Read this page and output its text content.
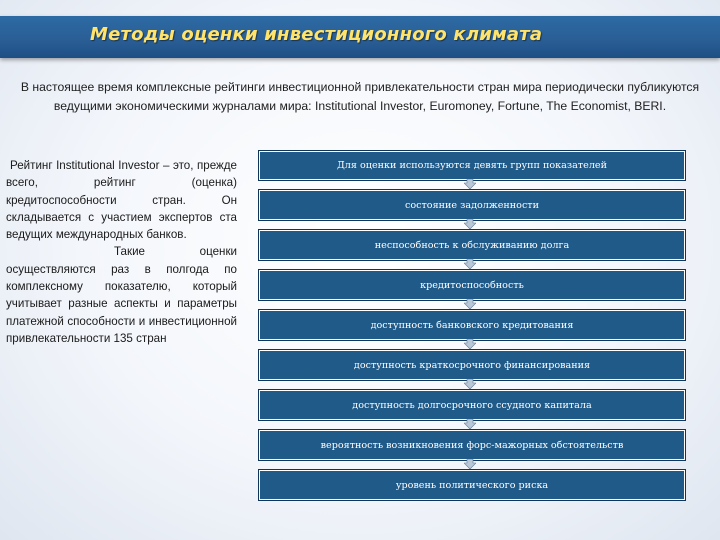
Методы оценки инвестиционного климата
В настоящее время комплексные рейтинги инвестиционной привлекательности стран мира периодически публикуются ведущими экономическими журналами мира: Institutional Investor, Euromoney, Fortune, The Economist, BERI.
Рейтинг Institutional Investor – это, прежде всего, рейтинг (оценка) кредитоспособности стран. Он складывается с участием экспертов ста ведущих международных банков.
Такие оценки осуществляются раз в полгода по комплексному показателю, который учитывает разные аспекты и параметры платежной способности и инвестиционной привлекательности 135 стран
Для оценки используются девять групп показателей
состояние задолженности
неспособность к обслуживанию долга
кредитоспособность
доступность банковского кредитования
доступность краткосрочного финансирования
доступность долгосрочного ссудного капитала
вероятность возникновения форс-мажорных обстоятельств
уровень политического риска
